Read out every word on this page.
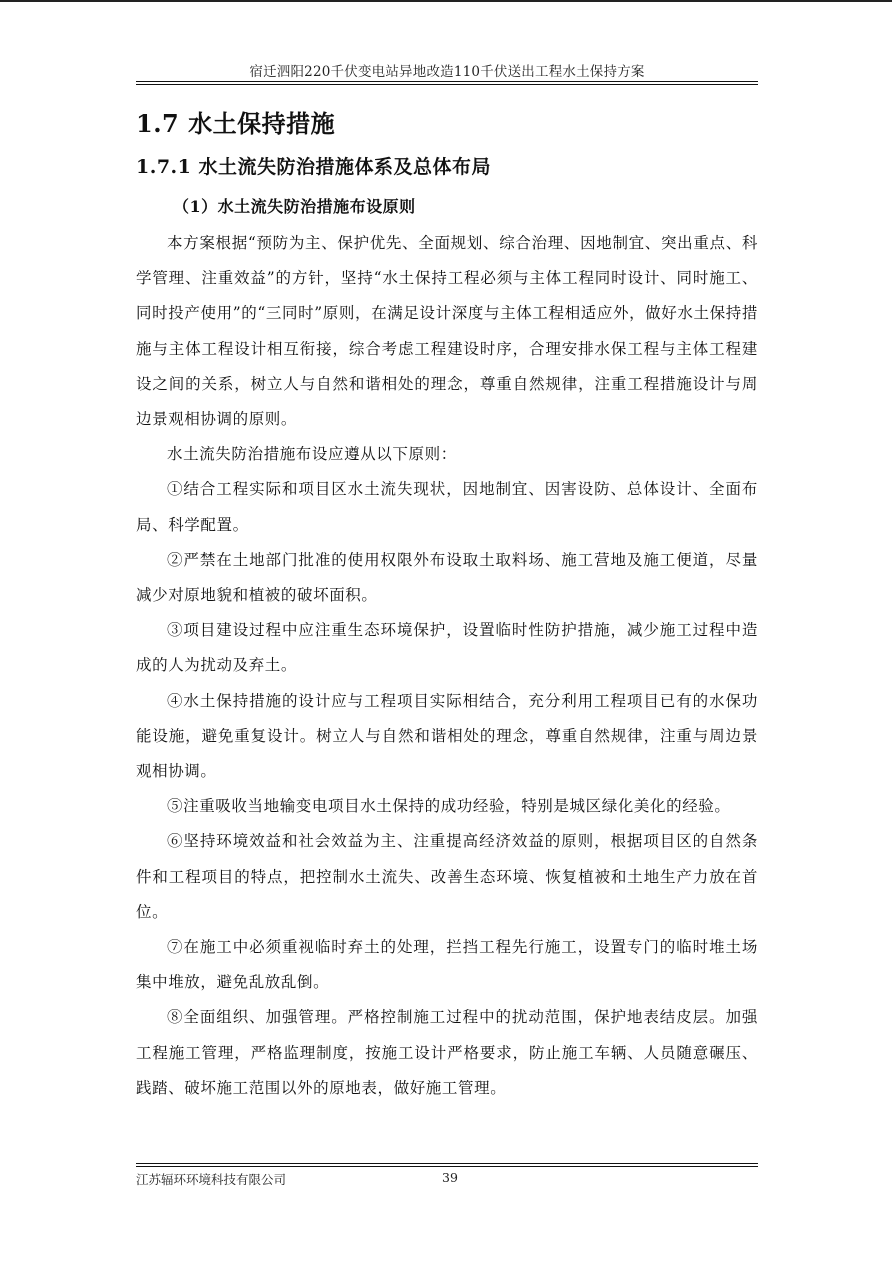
宿迁泗阳220千伏变电站异地改造110千伏送出工程水土保持方案
1.7 水土保持措施
1.7.1 水土流失防治措施体系及总体布局
（1）水土流失防治措施布设原则

本方案根据“预防为主、保护优先、全面规划、综合治理、因地制宜、突出重点、科学管理、注重效益”的方针，坚持“水土保持工程必须与主体工程同时设计、同时施工、同时投产使用”的“三同时”原则，在满足设计深度与主体工程相适应外，做好水土保持措施与主体工程设计相互衔接，综合考虑工程建设时序，合理安排水保工程与主体工程建设之间的关系，树立人与自然和谐相处的理念，尊重自然规律，注重工程措施设计与周边景观相协调的原则。

水土流失防治措施布设应遵从以下原则：

①结合工程实际和项目区水土流失现状，因地制宜、因害设防、总体设计、全面布局、科学配置。

②严禁在土地部门批准的使用权限外布设取土取料场、施工营地及施工便道，尽量减少对原地貌和植被的破坏面积。

③项目建设过程中应注重生态环境保护，设置临时性防护措施，减少施工过程中造成的人为扰动及弃土。

④水土保持措施的设计应与工程项目实际相结合，充分利用工程项目已有的水保功能设施，避免重复设计。树立人与自然和谐相处的理念，尊重自然规律，注重与周边景观相协调。

⑤注重吸收当地输变电项目水土保持的成功经验，特别是城区绿化美化的经验。

⑥坚持环境效益和社会效益为主、注重提高经济效益的原则，根据项目区的自然条件和工程项目的特点，把控制水土流失、改善生态环境、恢复植被和土地生产力放在首位。

⑦在施工中必须重视临时弃土的处理，拦挡工程先行施工，设置专门的临时堆土场集中堆放，避免乱放乱倒。

⑧全面组织、加强管理。严格控制施工过程中的扰动范围，保护地表结皮层。加强工程施工管理，严格监理制度，按施工设计严格要求，防止施工车辆、人员随意碾压、践踏、破坏施工范围以外的原地表，做好施工管理。

江苏辐环环境科技有限公司	39
